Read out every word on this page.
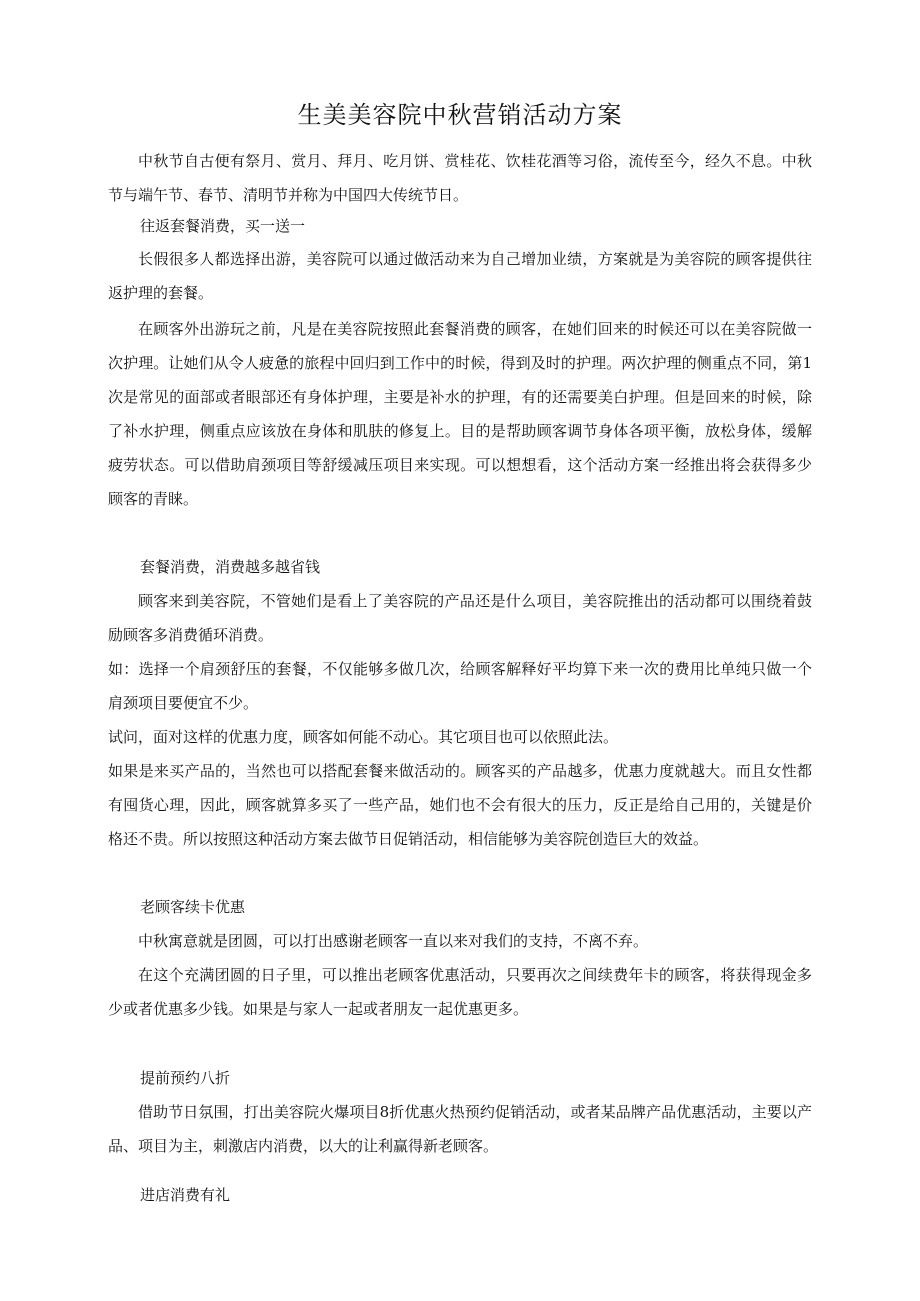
生美美容院中秋营销活动方案

中秋节自古便有祭月、赏月、拜月、吃月饼、赏桂花、饮桂花酒等习俗，流传至今，经久不息。中秋节与端午节、春节、清明节并称为中国四大传统节日。

往返套餐消费，买一送一

长假很多人都选择出游，美容院可以通过做活动来为自己增加业绩，方案就是为美容院的顾客提供往返护理的套餐。

在顾客外出游玩之前，凡是在美容院按照此套餐消费的顾客，在她们回来的时候还可以在美容院做一次护理。让她们从令人疲惫的旅程中回归到工作中的时候，得到及时的护理。两次护理的侧重点不同，第1次是常见的面部或者眼部还有身体护理，主要是补水的护理，有的还需要美白护理。但是回来的时候，除了补水护理，侧重点应该放在身体和肌肤的修复上。目的是帮助顾客调节身体各项平衡，放松身体，缓解疲劳状态。可以借助肩颈项目等舒缓减压项目来实现。可以想想看，这个活动方案一经推出将会获得多少顾客的青睐。

套餐消费，消费越多越省钱

顾客来到美容院，不管她们是看上了美容院的产品还是什么项目，美容院推出的活动都可以围绕着鼓励顾客多消费循环消费。

如：选择一个肩颈舒压的套餐，不仅能够多做几次，给顾客解释好平均算下来一次的费用比单纯只做一个肩颈项目要便宜不少。

试问，面对这样的优惠力度，顾客如何能不动心。其它项目也可以依照此法。

如果是来买产品的，当然也可以搭配套餐来做活动的。顾客买的产品越多，优惠力度就越大。而且女性都有囤货心理，因此，顾客就算多买了一些产品，她们也不会有很大的压力，反正是给自己用的，关键是价格还不贵。所以按照这种活动方案去做节日促销活动，相信能够为美容院创造巨大的效益。

老顾客续卡优惠

中秋寓意就是团圆，可以打出感谢老顾客一直以来对我们的支持，不离不弃。

在这个充满团圆的日子里，可以推出老顾客优惠活动，只要再次之间续费年卡的顾客，将获得现金多少或者优惠多少钱。如果是与家人一起或者朋友一起优惠更多。

提前预约八折

借助节日氛围，打出美容院火爆项目8折优惠火热预约促销活动，或者某品牌产品优惠活动，主要以产品、项目为主，刺激店内消费，以大的让利赢得新老顾客。

进店消费有礼
